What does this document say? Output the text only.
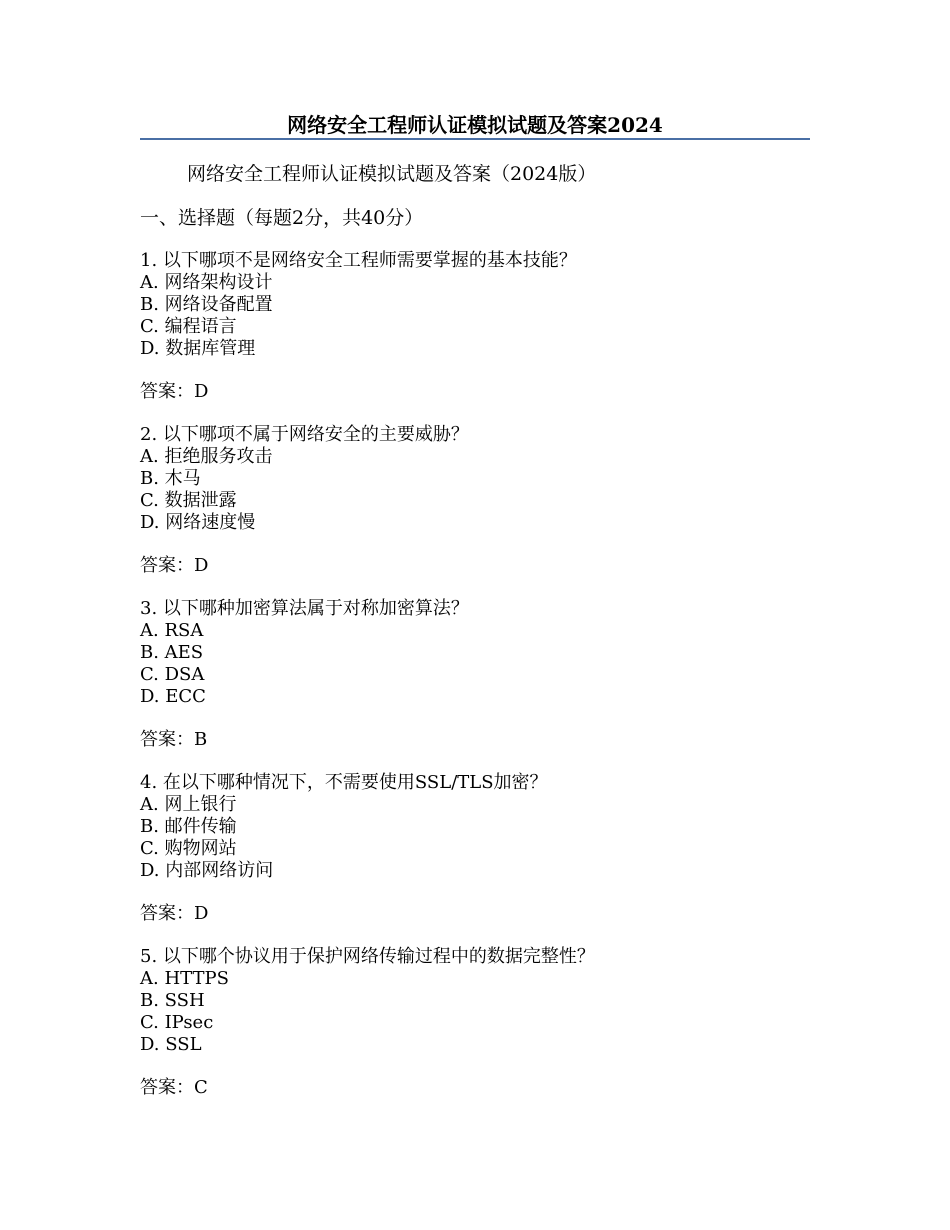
网络安全工程师认证模拟试题及答案2024
网络安全工程师认证模拟试题及答案（2024版）
一、选择题（每题2分，共40分）
1. 以下哪项不是网络安全工程师需要掌握的基本技能？
A. 网络架构设计
B. 网络设备配置
C. 编程语言
D. 数据库管理
答案：D
2. 以下哪项不属于网络安全的主要威胁？
A. 拒绝服务攻击
B. 木马
C. 数据泄露
D. 网络速度慢
答案：D
3. 以下哪种加密算法属于对称加密算法？
A. RSA
B. AES
C. DSA
D. ECC
答案：B
4. 在以下哪种情况下，不需要使用SSL/TLS加密？
A. 网上银行
B. 邮件传输
C. 购物网站
D. 内部网络访问
答案：D
5. 以下哪个协议用于保护网络传输过程中的数据完整性？
A. HTTPS
B. SSH
C. IPsec
D. SSL
答案：C
